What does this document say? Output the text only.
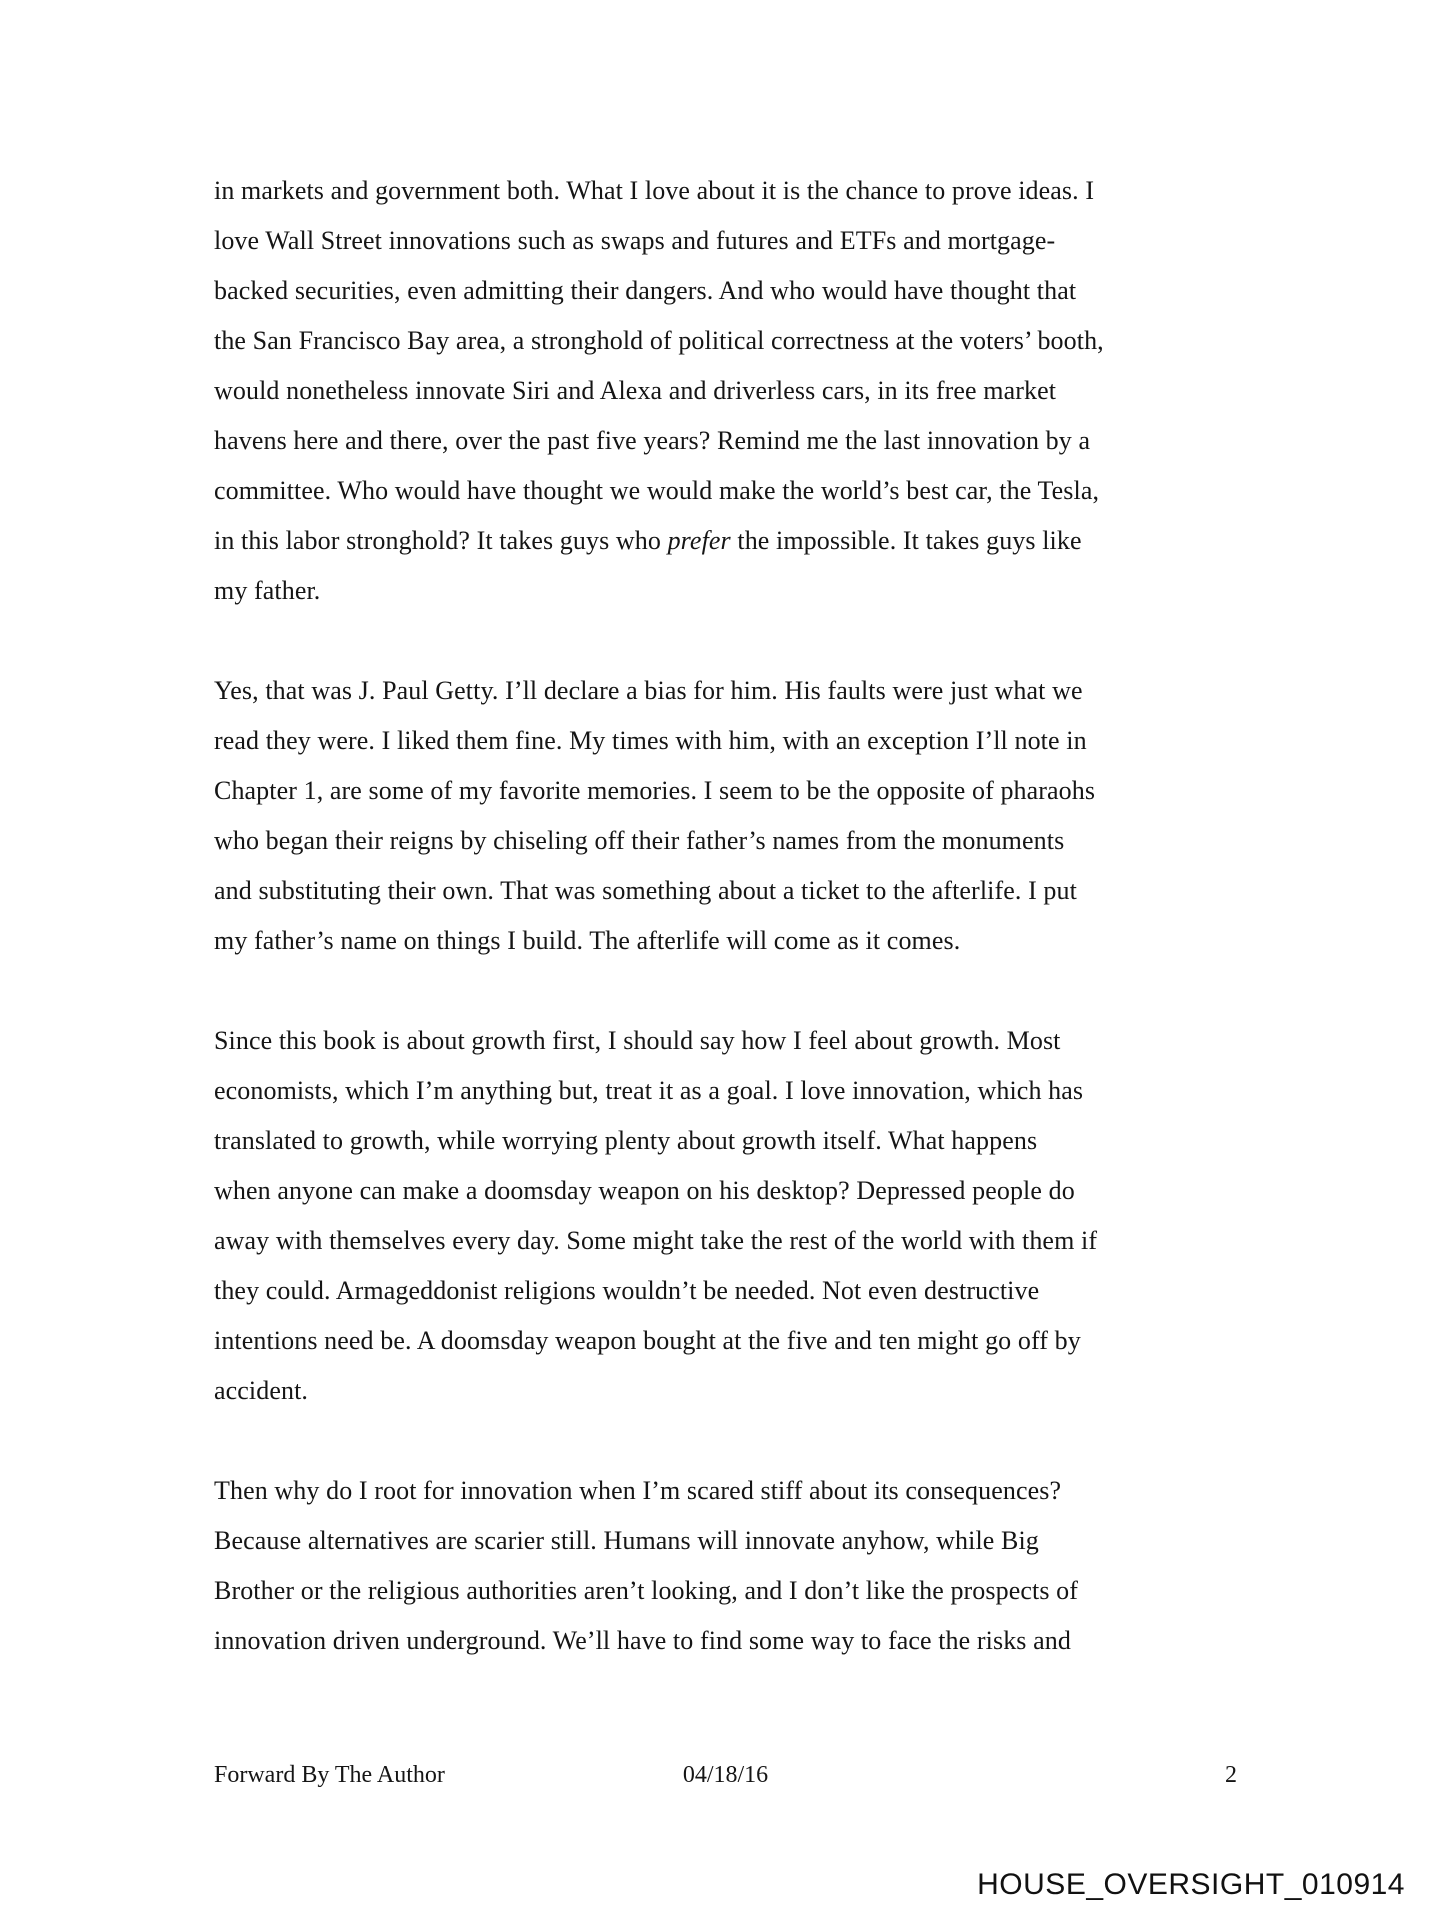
in markets and government both. What I love about it is the chance to prove ideas. I
love Wall Street innovations such as swaps and futures and ETFs and mortgage-
backed securities, even admitting their dangers. And who would have thought that
the San Francisco Bay area, a stronghold of political correctness at the voters’ booth,
would nonetheless innovate Siri and Alexa and driverless cars, in its free market
havens here and there, over the past five years? Remind me the last innovation by a
committee. Who would have thought we would make the world’s best car, the Tesla,
in this labor stronghold? It takes guys who prefer the impossible. It takes guys like
my father.
Yes, that was J. Paul Getty. I’ll declare a bias for him. His faults were just what we
read they were. I liked them fine. My times with him, with an exception I’ll note in
Chapter 1, are some of my favorite memories. I seem to be the opposite of pharaohs
who began their reigns by chiseling off their father’s names from the monuments
and substituting their own. That was something about a ticket to the afterlife. I put
my father’s name on things I build. The afterlife will come as it comes.
Since this book is about growth first, I should say how I feel about growth. Most
economists, which I’m anything but, treat it as a goal. I love innovation, which has
translated to growth, while worrying plenty about growth itself. What happens
when anyone can make a doomsday weapon on his desktop? Depressed people do
away with themselves every day. Some might take the rest of the world with them if
they could. Armageddonist religions wouldn’t be needed. Not even destructive
intentions need be. A doomsday weapon bought at the five and ten might go off by
accident.
Then why do I root for innovation when I’m scared stiff about its consequences?
Because alternatives are scarier still. Humans will innovate anyhow, while Big
Brother or the religious authorities aren’t looking, and I don’t like the prospects of
innovation driven underground. We’ll have to find some way to face the risks and
Forward By The Author	04/18/16	2
HOUSE_OVERSIGHT_010914
